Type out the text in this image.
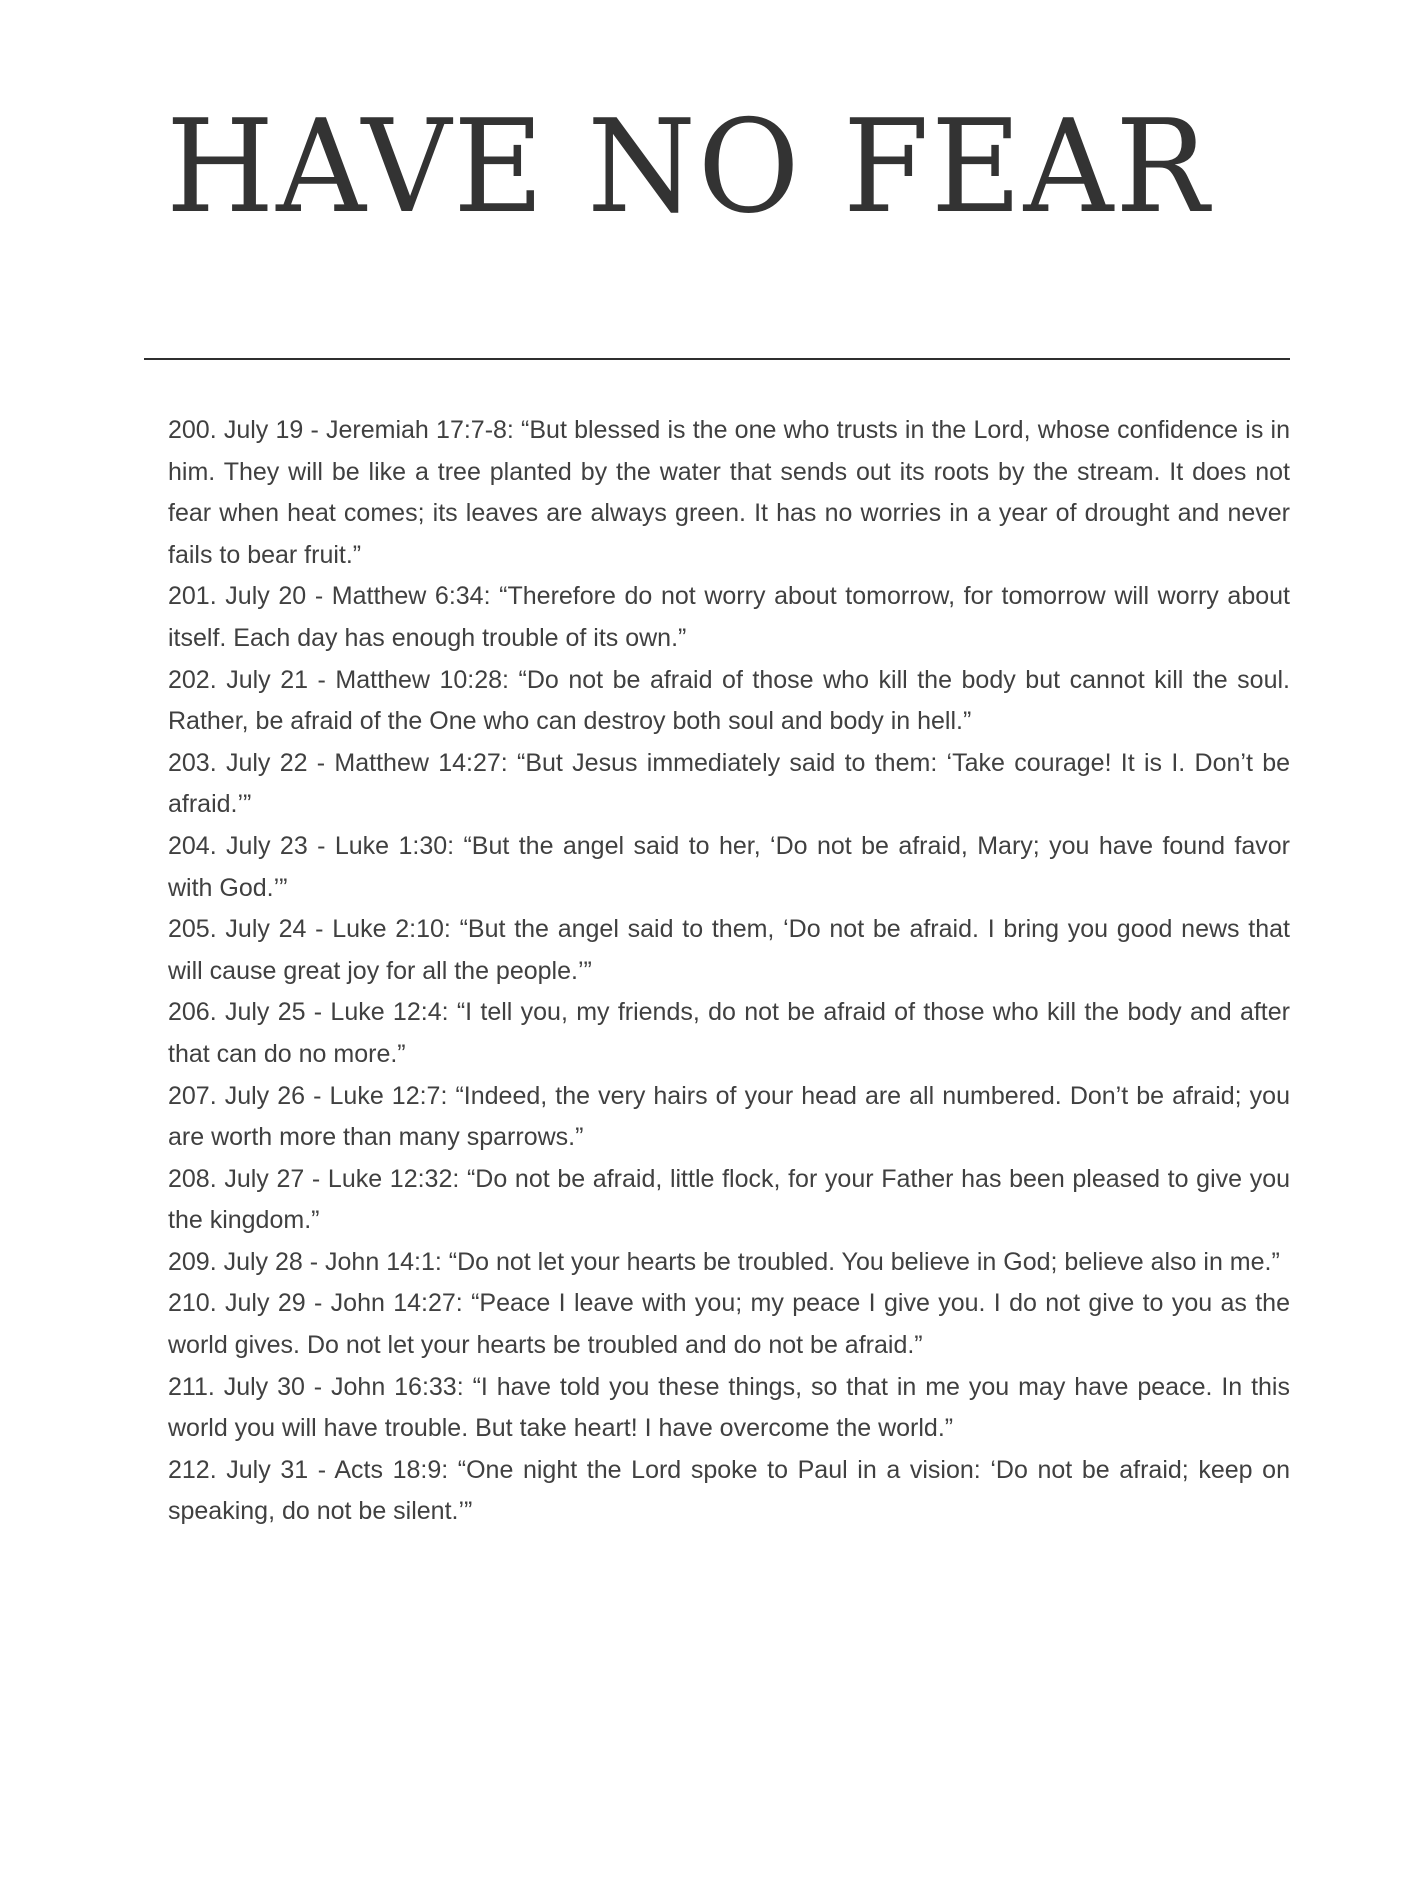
HAVE NO FEAR
200. July 19 - Jeremiah 17:7-8: “But blessed is the one who trusts in the Lord, whose confidence is in him. They will be like a tree planted by the water that sends out its roots by the stream. It does not fear when heat comes; its leaves are always green. It has no worries in a year of drought and never fails to bear fruit.”
201. July 20 - Matthew 6:34: “Therefore do not worry about tomorrow, for tomorrow will worry about itself. Each day has enough trouble of its own.”
202. July 21 - Matthew 10:28: “Do not be afraid of those who kill the body but cannot kill the soul. Rather, be afraid of the One who can destroy both soul and body in hell.”
203. July 22 - Matthew 14:27: “But Jesus immediately said to them: ‘Take courage! It is I. Don’t be afraid.’”
204. July 23 - Luke 1:30: “But the angel said to her, ‘Do not be afraid, Mary; you have found favor with God.’”
205. July 24 - Luke 2:10: “But the angel said to them, ‘Do not be afraid. I bring you good news that will cause great joy for all the people.’”
206. July 25 - Luke 12:4: “I tell you, my friends, do not be afraid of those who kill the body and after that can do no more.”
207. July 26 - Luke 12:7: “Indeed, the very hairs of your head are all numbered. Don’t be afraid; you are worth more than many sparrows.”
208. July 27 - Luke 12:32: “Do not be afraid, little flock, for your Father has been pleased to give you the kingdom.”
209. July 28 - John 14:1: “Do not let your hearts be troubled. You believe in God; believe also in me.”
210. July 29 - John 14:27: “Peace I leave with you; my peace I give you. I do not give to you as the world gives. Do not let your hearts be troubled and do not be afraid.”
211. July 30 - John 16:33: “I have told you these things, so that in me you may have peace. In this world you will have trouble. But take heart! I have overcome the world.”
212. July 31 - Acts 18:9: “One night the Lord spoke to Paul in a vision: ‘Do not be afraid; keep on speaking, do not be silent.’”
